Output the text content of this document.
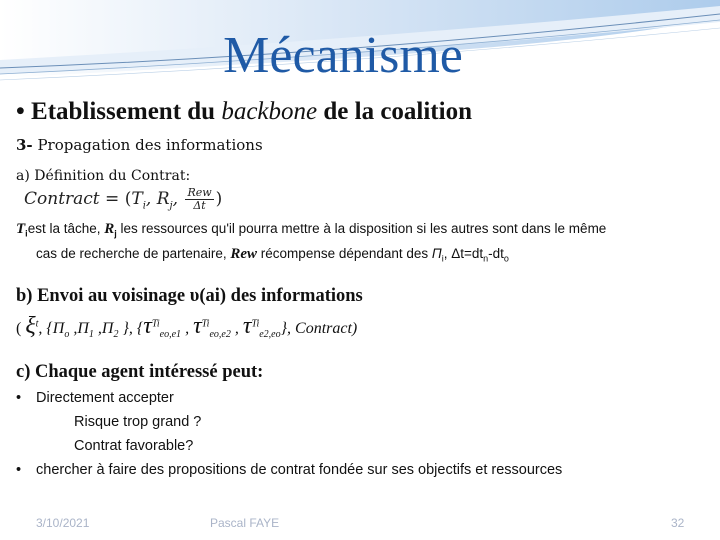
Mécanisme
• Etablissement du backbone de la coalition
3- Propagation des informations
a) Définition du Contrat:
Contract = ($T_i$, $R_j$, $\frac{\text{Rew}}{\Delta t}$ )
$T_iest$ la tâche, $R_j$ les ressources qu'il pourra mettre à la disposition si les autres sont dans le même
cas de recherche de partenaire, Rew récompense dépendant des $\Pi_i$, $\Delta t=dt_n-dt_o$
b) Envoi au voisinage υ(ai) des informations
( $\xi^t$, {$\Pi_o$ $,\Pi_1$ $,\Pi_2$ }, {$\tau^{Ti}_{eo,e1}$ , $\tau^{Ti}_{eo,e2}$ , $\tau^{Ti}_{e2,eo}$}, Contract)
c) Chaque agent intéressé peut:
• Directement accepter
Risque trop grand ?
Contrat favorable?
• chercher à faire des propositions de contrat fondée sur ses objectifs et ressources
3/10/2021	Pascal FAYE	32
